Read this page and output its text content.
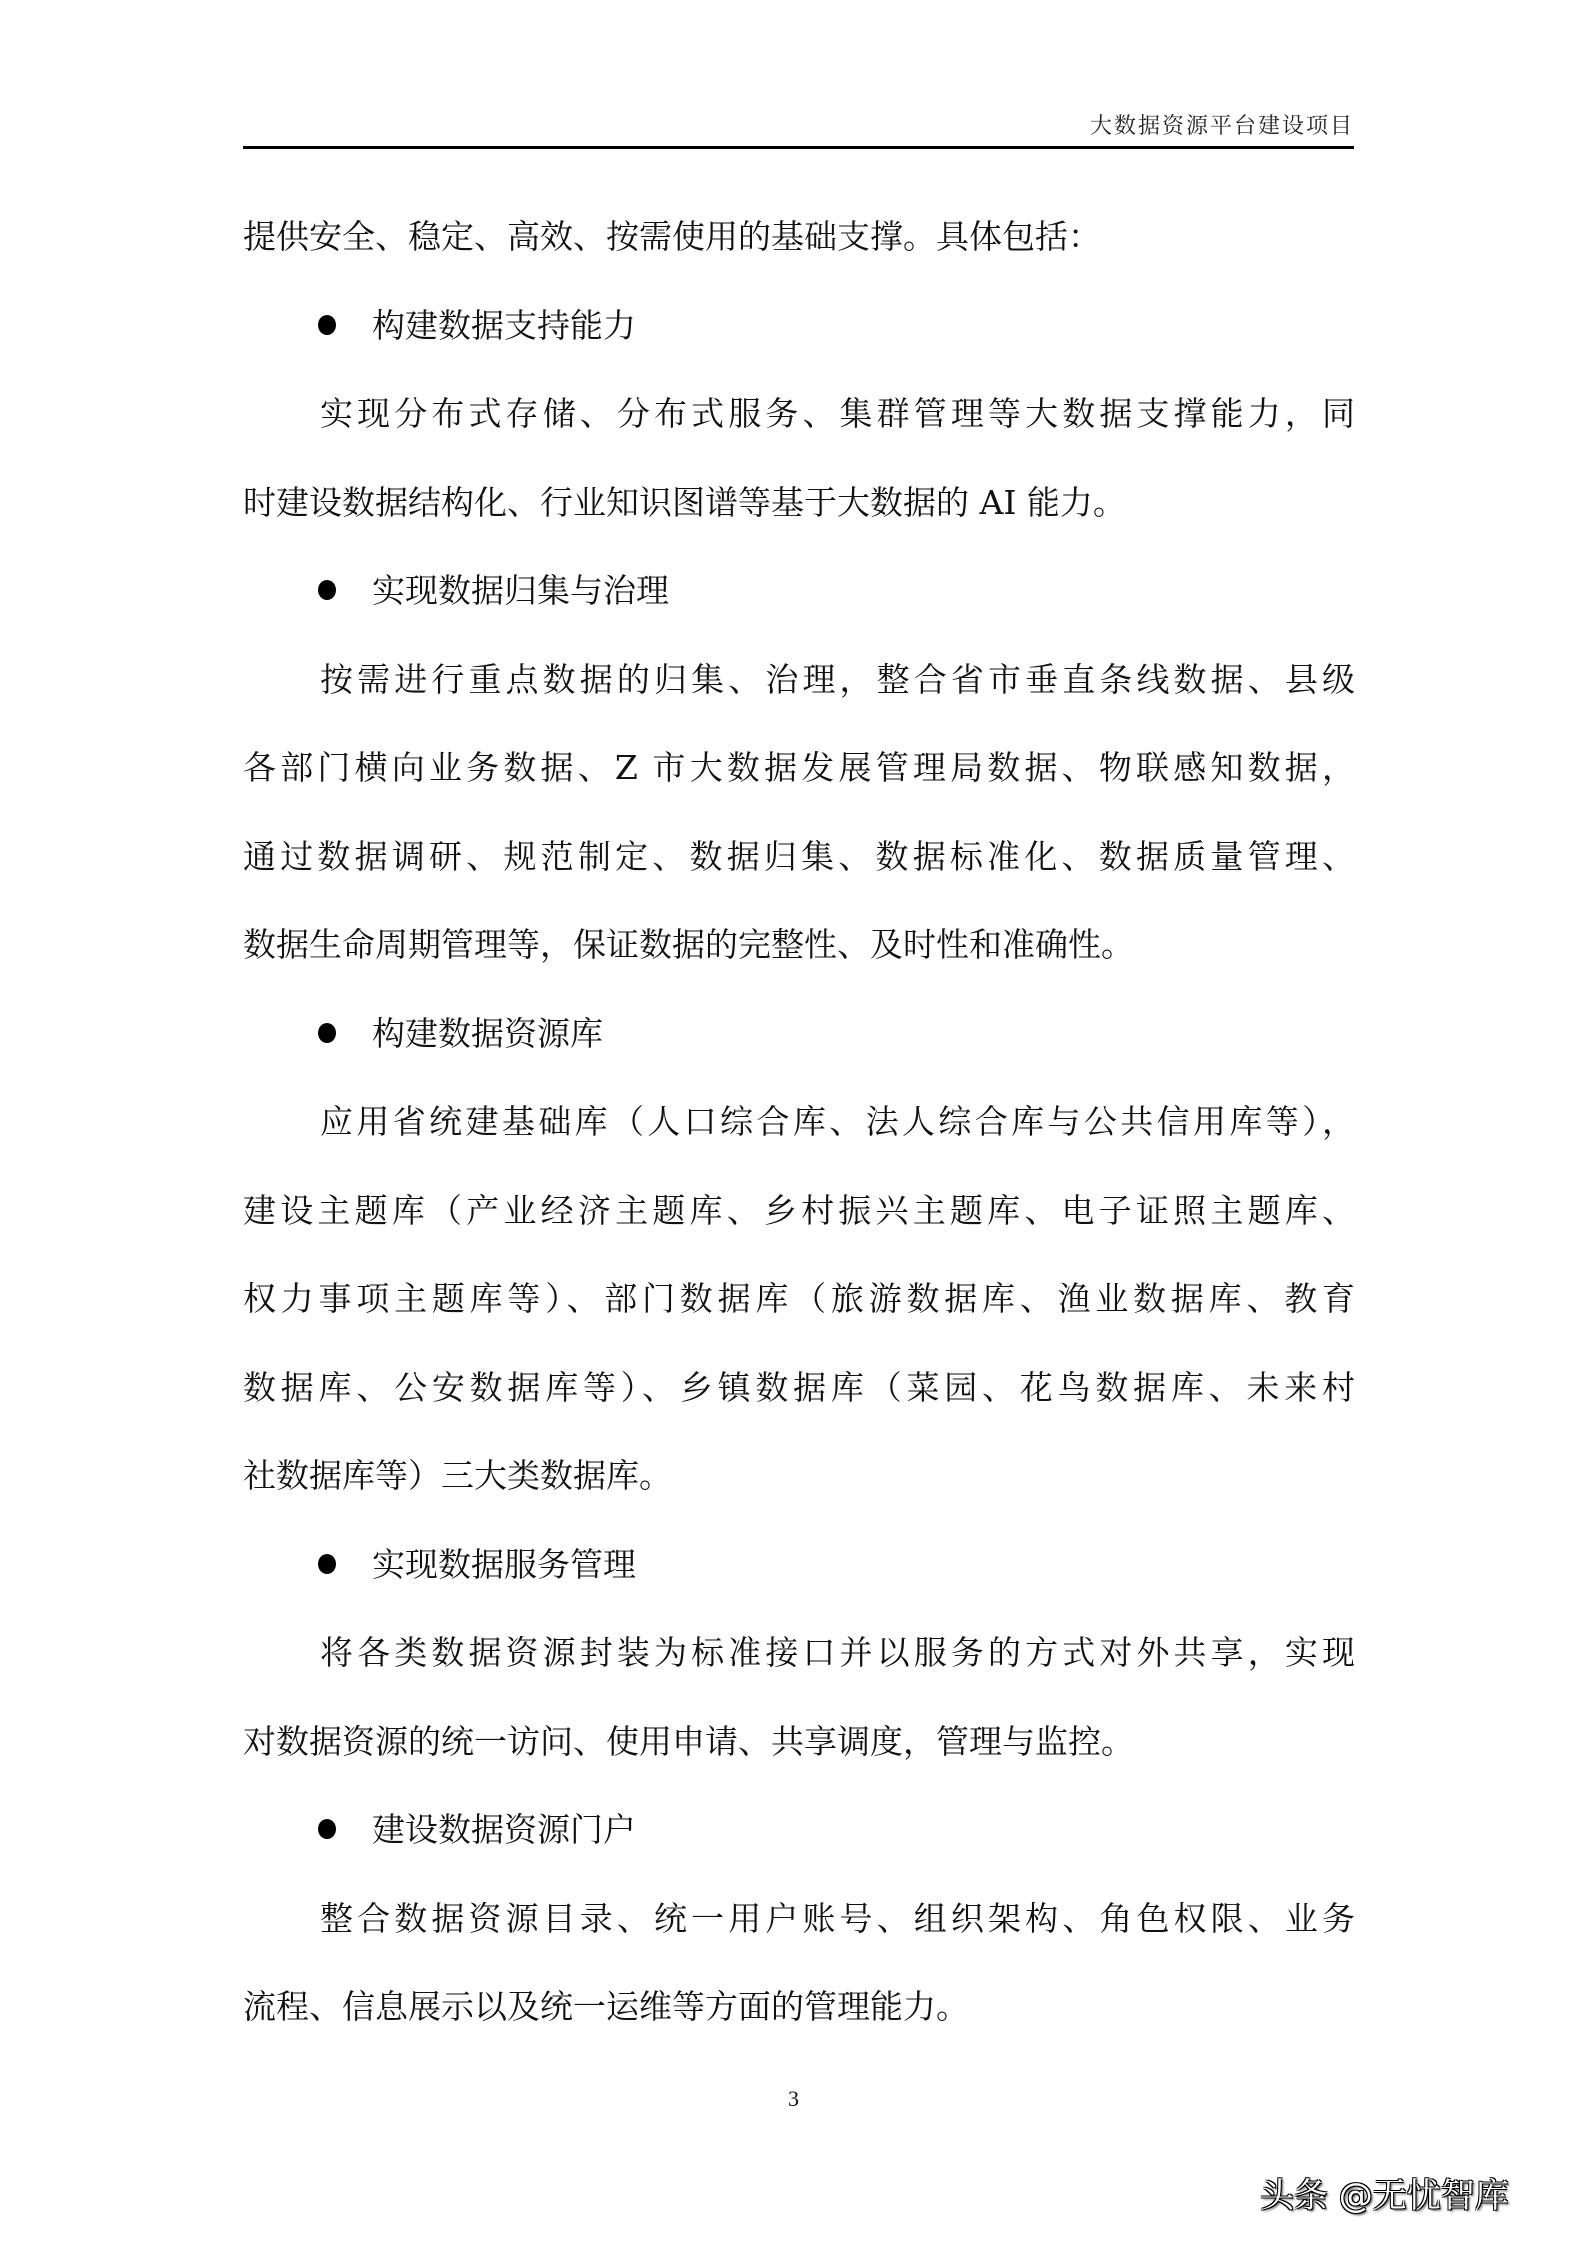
大数据资源平台建设项目
提供安全、稳定、高效、按需使用的基础支撑。具体包括：
构建数据支持能力
实现分布式存储、分布式服务、集群管理等大数据支撑能力，同
时建设数据结构化、行业知识图谱等基于大数据的 AI 能力。
实现数据归集与治理
按需进行重点数据的归集、治理，整合省市垂直条线数据、县级
各部门横向业务数据、Z 市大数据发展管理局数据、物联感知数据，
通过数据调研、规范制定、数据归集、数据标准化、数据质量管理、
数据生命周期管理等，保证数据的完整性、及时性和准确性。
构建数据资源库
应用省统建基础库（人口综合库、法人综合库与公共信用库等），
建设主题库（产业经济主题库、乡村振兴主题库、电子证照主题库、
权力事项主题库等）、部门数据库（旅游数据库、渔业数据库、教育
数据库、公安数据库等）、乡镇数据库（菜园、花鸟数据库、未来村
社数据库等）三大类数据库。
实现数据服务管理
将各类数据资源封装为标准接口并以服务的方式对外共享，实现
对数据资源的统一访问、使用申请、共享调度，管理与监控。
建设数据资源门户
整合数据资源目录、统一用户账号、组织架构、角色权限、业务
流程、信息展示以及统一运维等方面的管理能力。
3
头条 @无忧智库
